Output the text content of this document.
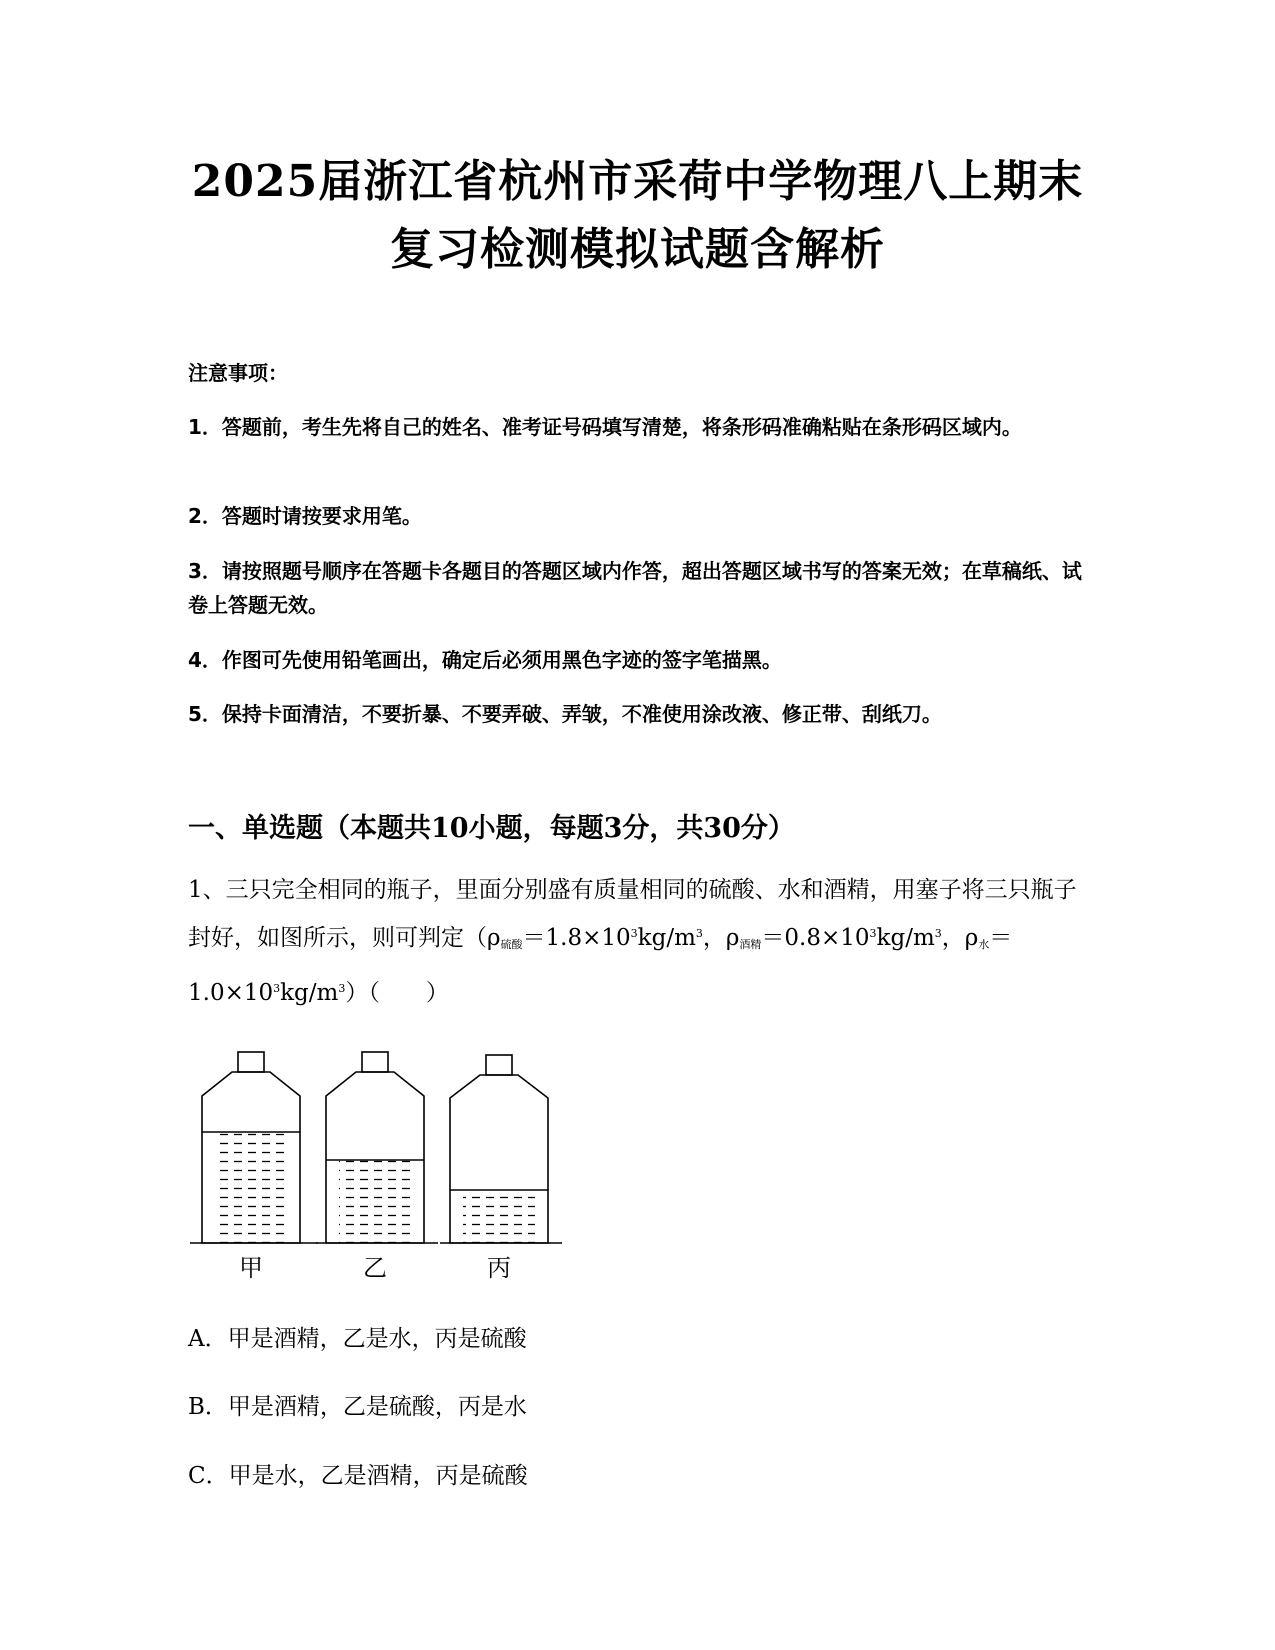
2025届浙江省杭州市采荷中学物理八上期末
复习检测模拟试题含解析
注意事项：
1．答题前，考生先将自己的姓名、准考证号码填写清楚，将条形码准确粘贴在条形码区域内。
2．答题时请按要求用笔。
3．请按照题号顺序在答题卡各题目的答题区域内作答，超出答题区域书写的答案无效；在草稿纸、试卷上答题无效。
4．作图可先使用铅笔画出，确定后必须用黑色字迹的签字笔描黑。
5．保持卡面清洁，不要折暴、不要弄破、弄皱，不准使用涂改液、修正带、刮纸刀。
一、单选题（本题共10小题，每题3分，共30分）
1、三只完全相同的瓶子，里面分别盛有质量相同的硫酸、水和酒精，用塞子将三只瓶子封好，如图所示，则可判定（$\rho_{硫酸}=1.8\times 10^3kg/m^3$，$\rho_{酒精}=0.8\times 10^3kg/m^3$，$\rho_水=1.0\times 10^3kg/m^3$）（　　）
甲	乙	丙
A．甲是酒精，乙是水，丙是硫酸
B．甲是酒精，乙是硫酸，丙是水
C．甲是水，乙是酒精，丙是硫酸
